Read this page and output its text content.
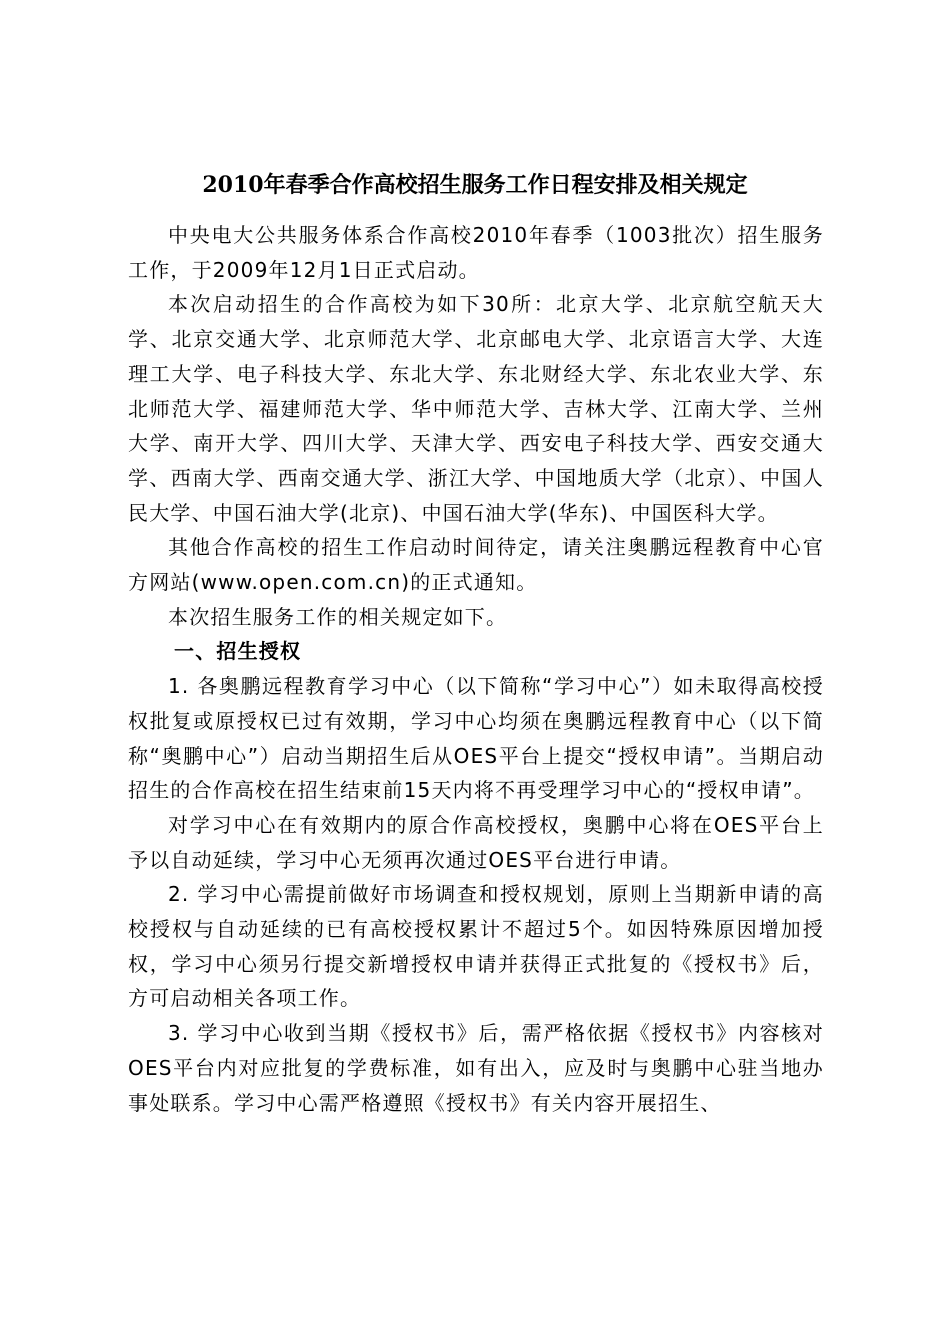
2010年春季合作高校招生服务工作日程安排及相关规定

中央电大公共服务体系合作高校2010年春季（1003批次）招生服务工作，于2009年12月1日正式启动。

本次启动招生的合作高校为如下30所：北京大学、北京航空航天大学、北京交通大学、北京师范大学、北京邮电大学、北京语言大学、大连理工大学、电子科技大学、东北大学、东北财经大学、东北农业大学、东北师范大学、福建师范大学、华中师范大学、吉林大学、江南大学、兰州大学、南开大学、四川大学、天津大学、西安电子科技大学、西安交通大学、西南大学、西南交通大学、浙江大学、中国地质大学（北京）、中国人民大学、中国石油大学(北京)、中国石油大学(华东)、中国医科大学。

其他合作高校的招生工作启动时间待定，请关注奥鹏远程教育中心官方网站(www.open.com.cn)的正式通知。

本次招生服务工作的相关规定如下。

一、招生授权

1. 各奥鹏远程教育学习中心（以下简称“学习中心”）如未取得高校授权批复或原授权已过有效期，学习中心均须在奥鹏远程教育中心（以下简称“奥鹏中心”）启动当期招生后从OES平台上提交“授权申请”。当期启动招生的合作高校在招生结束前15天内将不再受理学习中心的“授权申请”。

对学习中心在有效期内的原合作高校授权，奥鹏中心将在OES平台上予以自动延续，学习中心无须再次通过OES平台进行申请。

2. 学习中心需提前做好市场调查和授权规划，原则上当期新申请的高校授权与自动延续的已有高校授权累计不超过5个。如因特殊原因增加授权，学习中心须另行提交新增授权申请并获得正式批复的《授权书》后，方可启动相关各项工作。

3. 学习中心收到当期《授权书》后，需严格依据《授权书》内容核对OES平台内对应批复的学费标准，如有出入，应及时与奥鹏中心驻当地办事处联系。学习中心需严格遵照《授权书》有关内容开展招生、
